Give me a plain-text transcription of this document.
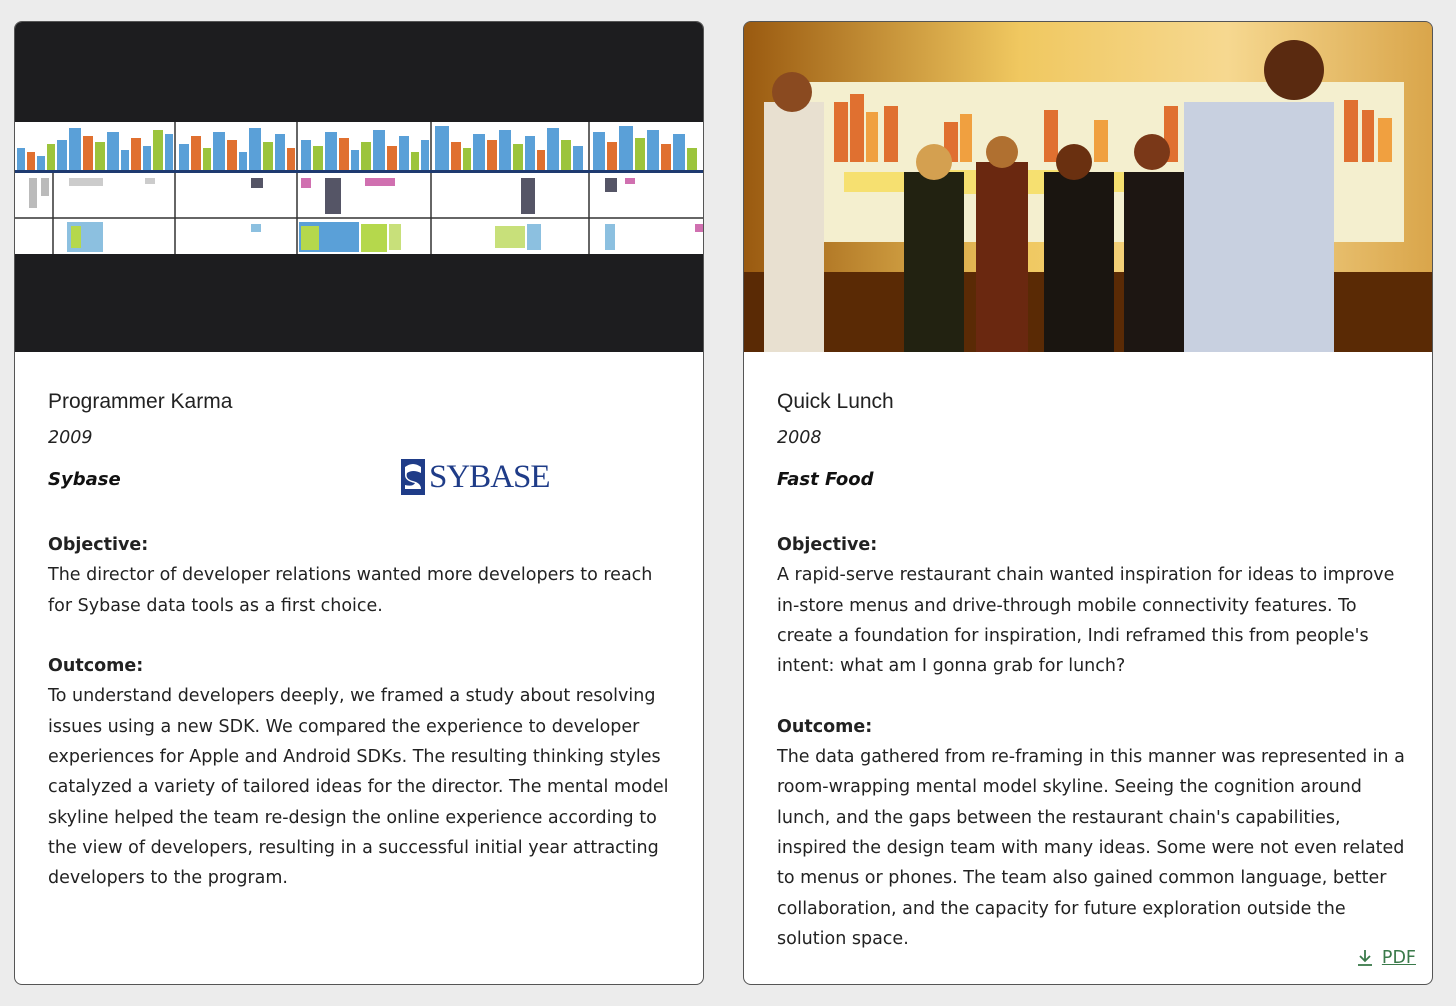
Programmer Karma
2009
Sybase	SYBASE
Objective:
The director of developer relations wanted more developers to reach for Sybase data tools as a first choice.
Outcome:
To understand developers deeply, we framed a study about resolving issues using a new SDK. We compared the experience to developer experiences for Apple and Android SDKs. The resulting thinking styles catalyzed a variety of tailored ideas for the director. The mental model skyline helped the team re-design the online experience according to the view of developers, resulting in a successful initial year attracting developers to the program.
Quick Lunch
2008
Fast Food
Objective:
A rapid-serve restaurant chain wanted inspiration for ideas to improve in-store menus and drive-through mobile connectivity features. To create a foundation for inspiration, Indi reframed this from people's intent: what am I gonna grab for lunch?
Outcome:
The data gathered from re-framing in this manner was represented in a room-wrapping mental model skyline. Seeing the cognition around lunch, and the gaps between the restaurant chain's capabilities, inspired the design team with many ideas. Some were not even related to menus or phones. The team also gained common language, better collaboration, and the capacity for future exploration outside the solution space.
PDF
